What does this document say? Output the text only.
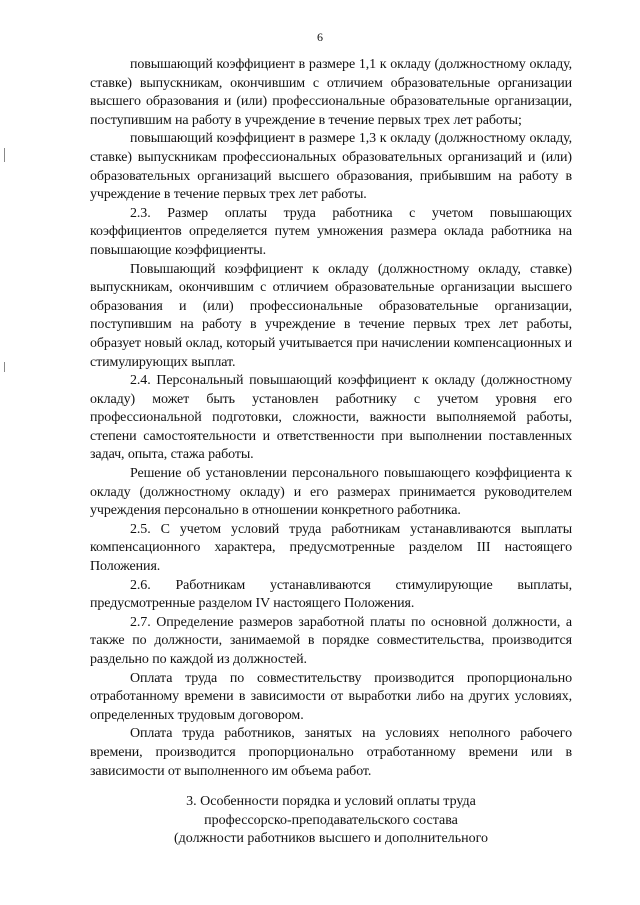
6

повышающий коэффициент в размере 1,1 к окладу (должностному окладу, ставке) выпускникам, окончившим с отличием образовательные организации высшего образования и (или) профессиональные образовательные организации, поступившим на работу в учреждение в течение первых трех лет работы;

повышающий коэффициент в размере 1,3 к окладу (должностному окладу, ставке) выпускникам профессиональных образовательных организаций и (или) образовательных организаций высшего образования, прибывшим на работу в учреждение в течение первых трех лет работы.

2.3. Размер оплаты труда работника с учетом повышающих коэффициентов определяется путем умножения размера оклада работника на повышающие коэффициенты.

Повышающий коэффициент к окладу (должностному окладу, ставке) выпускникам, окончившим с отличием образовательные организации высшего образования и (или) профессиональные образовательные организации, поступившим на работу в учреждение в течение первых трех лет работы, образует новый оклад, который учитывается при начислении компенсационных и стимулирующих выплат.

2.4. Персональный повышающий коэффициент к окладу (должностному окладу) может быть установлен работнику с учетом уровня его профессиональной подготовки, сложности, важности выполняемой работы, степени самостоятельности и ответственности при выполнении поставленных задач, опыта, стажа работы.

Решение об установлении персонального повышающего коэффициента к окладу (должностному окладу) и его размерах принимается руководителем учреждения персонально в отношении конкретного работника.

2.5. С учетом условий труда работникам устанавливаются выплаты компенсационного характера, предусмотренные разделом III настоящего Положения.

2.6. Работникам устанавливаются стимулирующие выплаты, предусмотренные разделом IV настоящего Положения.

2.7. Определение размеров заработной платы по основной должности, а также по должности, занимаемой в порядке совместительства, производится раздельно по каждой из должностей.

Оплата труда по совместительству производится пропорционально отработанному времени в зависимости от выработки либо на других условиях, определенных трудовым договором.

Оплата труда работников, занятых на условиях неполного рабочего времени, производится пропорционально отработанному времени или в зависимости от выполненного им объема работ.

3. Особенности порядка и условий оплаты труда
профессорско-преподавательского состава
(должности работников высшего и дополнительного
